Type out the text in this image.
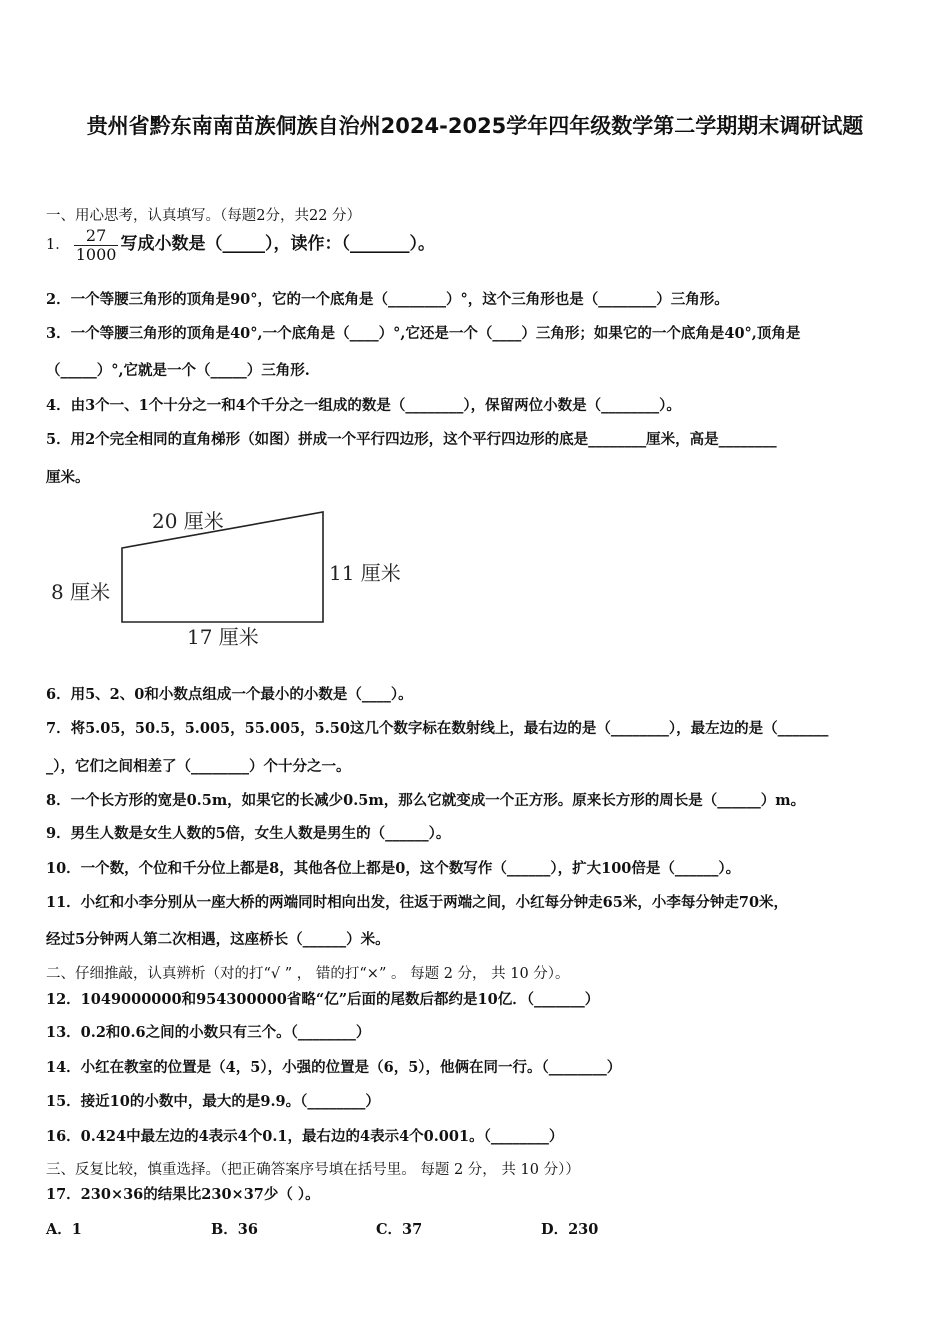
贵州省黔东南南苗族侗族自治州2024-2025学年四年级数学第二学期期末调研试题
一、用心思考，认真填写。（每题2分，共22 分）
1． $\frac{27}{1000}$ 写成小数是（_____），读作：（_______）。
2．一个等腰三角形的顶角是90°，它的一个底角是（________）°，这个三角形也是（________）三角形。
3．一个等腰三角形的顶角是40°,一个底角是（____）°,它还是一个（____）三角形；如果它的一个底角是40°,顶角是
（_____）°,它就是一个（_____）三角形.
4．由3个一、1个十分之一和4个千分之一组成的数是（________），保留两位小数是（________）。
5．用2个完全相同的直角梯形（如图）拼成一个平行四边形，这个平行四边形的底是________厘米，高是________
厘米。
20 厘米
8 厘米
11 厘米
17 厘米
6．用5、2、0和小数点组成一个最小的小数是（____）。
7．将5.05，50.5，5.005，55.005，5.50这几个数字标在数射线上，最右边的是（________），最左边的是（_______
_），它们之间相差了（________）个十分之一。
8．一个长方形的宽是0.5m，如果它的长减少0.5m，那么它就变成一个正方形。原来长方形的周长是（______）m。
9．男生人数是女生人数的5倍，女生人数是男生的（______）。
10．一个数，个位和千分位上都是8，其他各位上都是0，这个数写作（______），扩大100倍是（______）。
11．小红和小李分别从一座大桥的两端同时相向出发，往返于两端之间，小红每分钟走65米，小李每分钟走70米，
经过5分钟两人第二次相遇，这座桥长（______）米。
二、仔细推敲，认真辨析（对的打“√ ” ， 错的打“×” 。 每题 2 分， 共 10 分）。
12．1049000000和954300000省略“亿”后面的尾数后都约是10亿．（_______）
13．0.2和0.6之间的小数只有三个。（________）
14．小红在教室的位置是（4，5），小强的位置是（6，5），他俩在同一行。（________）
15．接近10的小数中，最大的是9.9。（________）
16．0.424中最左边的4表示4个0.1，最右边的4表示4个0.001。（________）
三、反复比较，慎重选择。（把正确答案序号填在括号里。 每题 2 分， 共 10 分））
17．230×36的结果比230×37少（ ）。
A．1	B．36	C．37	D．230
